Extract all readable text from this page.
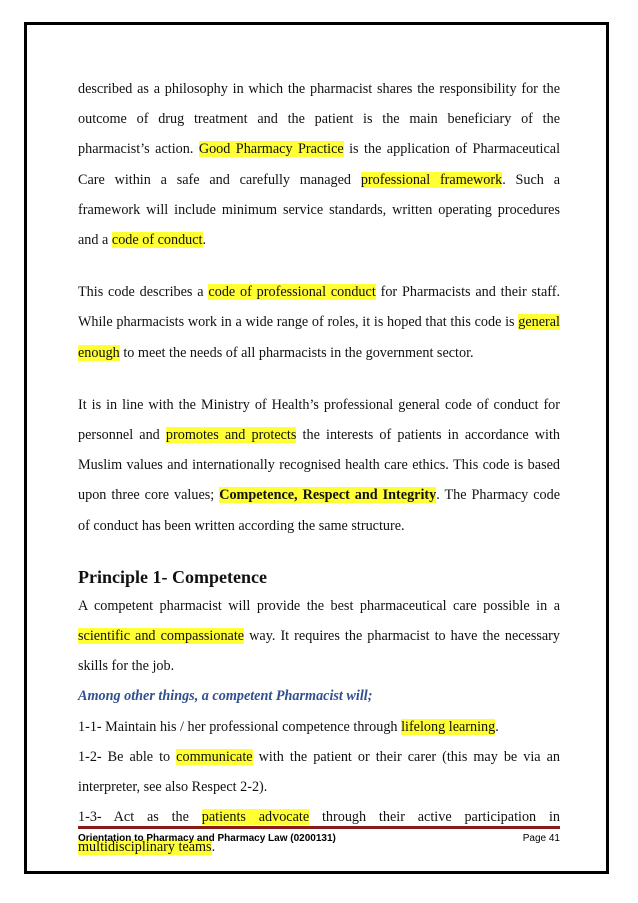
described as a philosophy in which the pharmacist shares the responsibility for the outcome of drug treatment and the patient is the main beneficiary of the pharmacist’s action. Good Pharmacy Practice is the application of Pharmaceutical Care within a safe and carefully managed professional framework. Such a framework will include minimum service standards, written operating procedures and a code of conduct.

This code describes a code of professional conduct for Pharmacists and their staff. While pharmacists work in a wide range of roles, it is hoped that this code is general enough to meet the needs of all pharmacists in the government sector.

It is in line with the Ministry of Health’s professional general code of conduct for personnel and promotes and protects the interests of patients in accordance with Muslim values and internationally recognised health care ethics. This code is based upon three core values; Competence, Respect and Integrity. The Pharmacy code of conduct has been written according the same structure.

Principle 1- Competence

A competent pharmacist will provide the best pharmaceutical care possible in a scientific and compassionate way. It requires the pharmacist to have the necessary skills for the job.

Among other things, a competent Pharmacist will;

1-1- Maintain his / her professional competence through lifelong learning.

1-2- Be able to communicate with the patient or their carer (this may be via an interpreter, see also Respect 2-2).

1-3- Act as the patients advocate through their active participation in multidisciplinary teams.

Orientation to Pharmacy and Pharmacy Law (0200131)	Page 41
